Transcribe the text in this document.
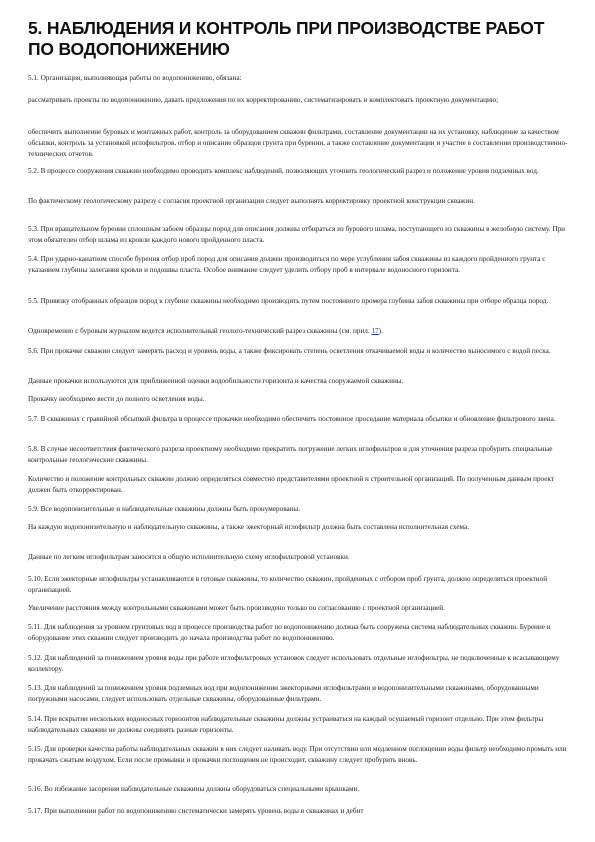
5. НАБЛЮДЕНИЯ И КОНТРОЛЬ ПРИ ПРОИЗВОДСТВЕ РАБОТ ПО ВОДОПОНИЖЕНИЮ

5.1. Организация, выполняющая работы по водопонижению, обязана:

рассматривать проекты по водопонижению, давать предложения по их корректированию, систематизировать и комплектовать проектную документацию;

обеспечить выполнение буровых и монтажных работ, контроль за оборудованием скважин фильтрами, составление документации на их установку, наблюдение за качеством обсыпки, контроль за установкой иглофильтров, отбор и описание образцов грунта при бурении, а также составление документации и участие в составлении производственно-технических отчетов.

5.2. В процессе сооружения скважин необходимо проводить комплекс наблюдений, позволяющих уточнить геологический разрез и положение уровня подземных вод.

По фактическому геологическому разрезу с согласия проектной организации следует выполнять корректировку проектной конструкции скважин.

5.3. При вращательном бурении сплошным забоем образцы пород для описания должны отбираться из бурового шлама, поступающего из скважины в желобную систему. При этом обязателен отбор шлама из кровли каждого нового пройденного пласта.

5.4. При ударно-канатном способе бурения отбор проб пород для описания должен производиться по мере углубления забоя скважины из каждого пройденного грунта с указанием глубины залегания кровли и подошвы пласта. Особое внимание следует уделить отбору проб в интервале водоносного горизонта.

5.5. Привязку отобранных образцов пород к глубине скважины необходимо производить путем постоянного промера глубины забоя скважины при отборе образца пород.

Одновременно с буровым журналом ведется исполнительный геолого-технический разрез скважины (см. прил. 17).

5.6. При прокачке скважин следует замерять расход и уровень воды, а также фиксировать степень осветления откачиваемой воды и количество выносимого с водой песка.

Данные прокачки используются для приближенной оценки водообильности горизонта и качества сооружаемой скважины.

Прокачку необходимо вести до полного осветления воды.

5.7. В скважинах с гравийной обсыпкой фильтра в процессе прокачки необходимо обеспечить постоянное проседание материала обсыпки и обновление фильтрового звена.

5.8. В случае несоответствия фактического разреза проектному необходимо прекратить погружение легких иглофильтров и для уточнения разреза пробурить специальные контрольные геологические скважины.

Количество и положение контрольных скважин должно определяться совместно представителями проектной и строительной организаций. По полученным данным проект должен быть откорректирован.

5.9. Все водопонизительные и наблюдательные скважины должны быть пронумерованы.

На каждую водопонизительную и наблюдательную скважины, а также эжекторный иглофильтр должна быть составлена исполнительная схема.

Данные по легким иглофильтрам заносятся в общую исполнительную схему иглофильтровой установки.

5.10. Если эжекторные иглофильтры устанавливаются в готовые скважины, то количество скважин, пройденных с отбором проб грунта, должно определяться проектной организацией.

Увеличение расстояния между контрольными скважинами может быть произведено только по согласованию с проектной организацией.

5.11. Для наблюдения за уровнем грунтовых вод в процессе производства работ по водопонижению должна быть сооружена система наблюдательных скважин. Бурение и оборудование этих скважин следует производить до начала производства работ по водопонижению.

5.12. Для наблюдений за понижением уровня воды при работе иглофильтровых установок следует использовать отдельные иглофильтры, не подключенные к всасывающему коллектору.

5.13. Для наблюдений за понижением уровня подземных вод при водопонижении эжекторными иглофильтрами и водопонизительными скважинами, оборудованными погружными насосами, следует использовать отдельные скважины, оборудованные фильтрами.

5.14. При вскрытии нескольких водоносных горизонтов наблюдательные скважины должны устраиваться на каждый осушаемый горизонт отдельно. При этом фильтры наблюдательных скважин не должны соединять разные горизонты.

5.15. Для проверки качества работы наблюдательных скважин в них следует наливать воду. При отсутствии или медленном поглощении воды фильтр необходимо промыть или прокачать сжатым воздухом. Если после промывки и прокачки поглощения не происходит, скважину следует пробурить вновь.

5.16. Во избежание засорения наблюдательные скважины должны оборудоваться специальными крышками.

5.17. При выполнении работ по водопонижению систематически замерять уровень воды в скважинах и дебит
